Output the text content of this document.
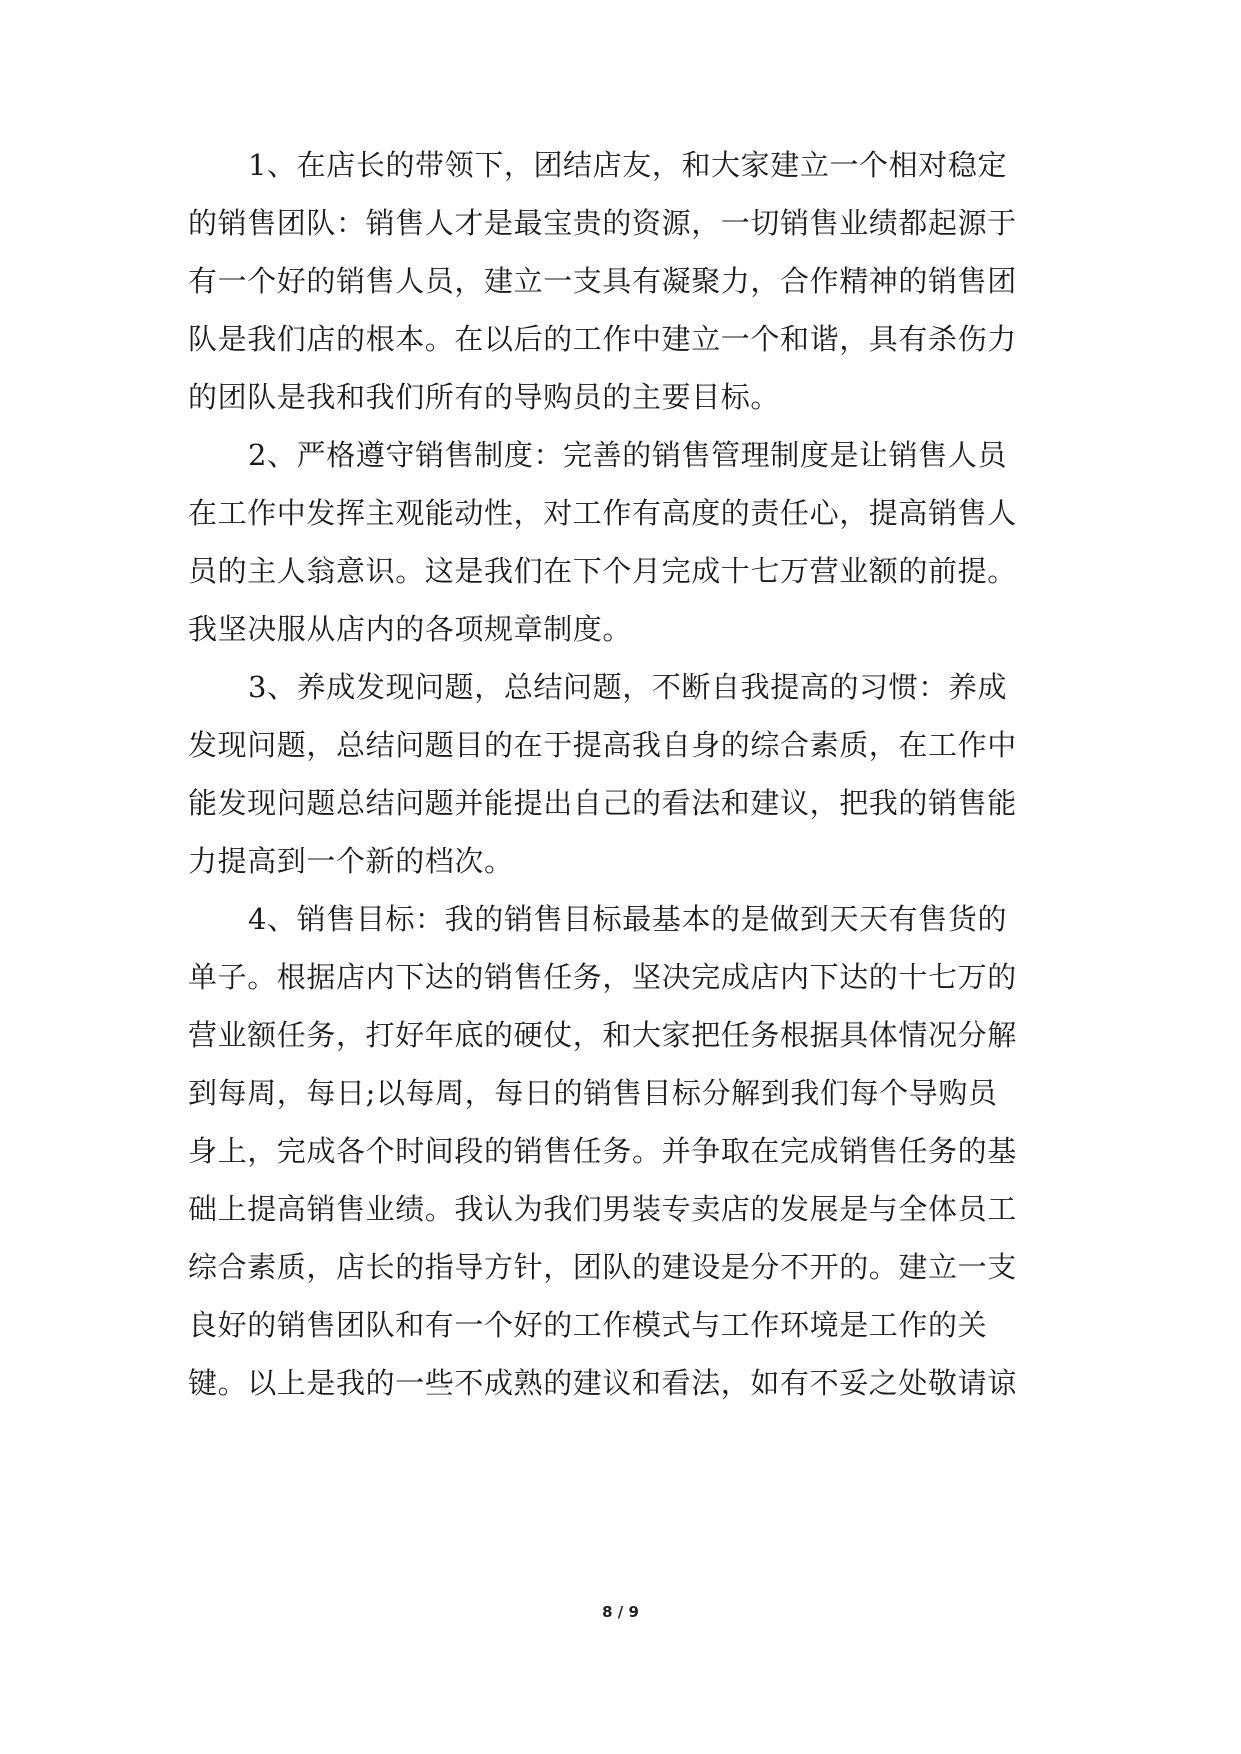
1、在店长的带领下，团结店友，和大家建立一个相对稳定
的销售团队：销售人才是最宝贵的资源，一切销售业绩都起源于
有一个好的销售人员，建立一支具有凝聚力，合作精神的销售团
队是我们店的根本。在以后的工作中建立一个和谐，具有杀伤力
的团队是我和我们所有的导购员的主要目标。
2、严格遵守销售制度：完善的销售管理制度是让销售人员
在工作中发挥主观能动性，对工作有高度的责任心，提高销售人
员的主人翁意识。这是我们在下个月完成十七万营业额的前提。
我坚决服从店内的各项规章制度。
3、养成发现问题，总结问题，不断自我提高的习惯：养成
发现问题，总结问题目的在于提高我自身的综合素质，在工作中
能发现问题总结问题并能提出自己的看法和建议，把我的销售能
力提高到一个新的档次。
4、销售目标：我的销售目标最基本的是做到天天有售货的
单子。根据店内下达的销售任务，坚决完成店内下达的十七万的
营业额任务，打好年底的硬仗，和大家把任务根据具体情况分解
到每周，每日;以每周，每日的销售目标分解到我们每个导购员
身上，完成各个时间段的销售任务。并争取在完成销售任务的基
础上提高销售业绩。我认为我们男装专卖店的发展是与全体员工
综合素质，店长的指导方针，团队的建设是分不开的。建立一支
良好的销售团队和有一个好的工作模式与工作环境是工作的关
键。以上是我的一些不成熟的建议和看法，如有不妥之处敬请谅
8 / 9
